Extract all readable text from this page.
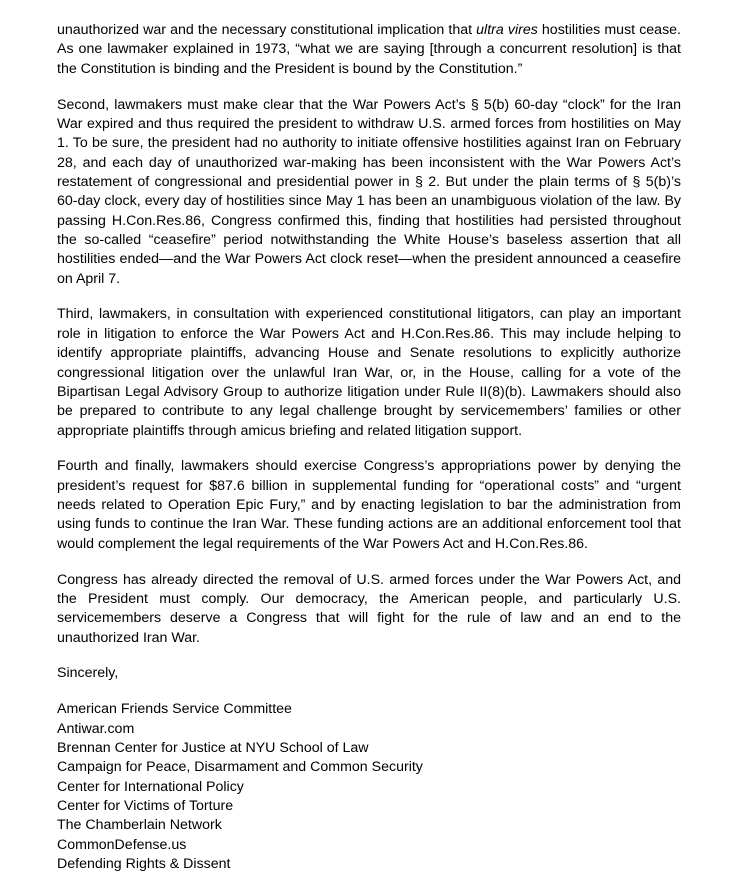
unauthorized war and the necessary constitutional implication that ultra vires hostilities must cease. As one lawmaker explained in 1973, “what we are saying [through a concurrent resolution] is that the Constitution is binding and the President is bound by the Constitution.”

Second, lawmakers must make clear that the War Powers Act’s § 5(b) 60-day “clock” for the Iran War expired and thus required the president to withdraw U.S. armed forces from hostilities on May 1. To be sure, the president had no authority to initiate offensive hostilities against Iran on February 28, and each day of unauthorized war-making has been inconsistent with the War Powers Act’s restatement of congressional and presidential power in § 2. But under the plain terms of § 5(b)’s 60-day clock, every day of hostilities since May 1 has been an unambiguous violation of the law. By passing H.Con.Res.86, Congress confirmed this, finding that hostilities had persisted throughout the so-called “ceasefire” period notwithstanding the White House’s baseless assertion that all hostilities ended—and the War Powers Act clock reset—when the president announced a ceasefire on April 7.

Third, lawmakers, in consultation with experienced constitutional litigators, can play an important role in litigation to enforce the War Powers Act and H.Con.Res.86. This may include helping to identify appropriate plaintiffs, advancing House and Senate resolutions to explicitly authorize congressional litigation over the unlawful Iran War, or, in the House, calling for a vote of the Bipartisan Legal Advisory Group to authorize litigation under Rule II(8)(b). Lawmakers should also be prepared to contribute to any legal challenge brought by servicemembers’ families or other appropriate plaintiffs through amicus briefing and related litigation support.

Fourth and finally, lawmakers should exercise Congress’s appropriations power by denying the president’s request for $87.6 billion in supplemental funding for “operational costs” and “urgent needs related to Operation Epic Fury,” and by enacting legislation to bar the administration from using funds to continue the Iran War. These funding actions are an additional enforcement tool that would complement the legal requirements of the War Powers Act and H.Con.Res.86.

Congress has already directed the removal of U.S. armed forces under the War Powers Act, and the President must comply. Our democracy, the American people, and particularly U.S. servicemembers deserve a Congress that will fight for the rule of law and an end to the unauthorized Iran War.

Sincerely,

American Friends Service Committee
Antiwar.com
Brennan Center for Justice at NYU School of Law
Campaign for Peace, Disarmament and Common Security
Center for International Policy
Center for Victims of Torture
The Chamberlain Network
CommonDefense.us
Defending Rights & Dissent
